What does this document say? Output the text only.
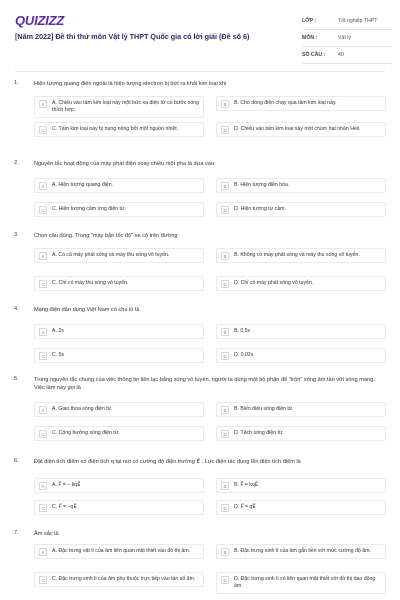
QUIZIZZ
[Năm 2022] Đề thi thử môn Vật lý THPT Quốc gia có lời giải (Đề số 6)
LỚP :	Tốt nghiệp THPT
MÔN :	Vật lý
SỐ CÂU :	40
1.	Hiện tượng quang điện ngoài là hiện tượng electron bị bứt ra khỏi kim loại khi
A	A. Chiếu vào tấm kim loại này một bức xạ điện từ có bước sóng thích hợp.
B	B. Cho dòng điện chạy qua tấm kim loại này.
C	C. Tấm kim loại này bị nung nóng bởi một nguồn nhiệt.	D	D. Chiếu vào tấm kim loại này một chùm hạt nhân Heli.
2.	Nguyên tắc hoạt động của máy phát điện xoay chiều một pha là dựa vào
A	A. Hiện tượng quang điện.	B	B. Hiện tượng điện hóa.
C	C. Hiện tượng cảm ứng điện từ.	D	D. Hiện tượng tự cảm.
3.	Chọn câu đúng. Trong "máy bắn tốc độ" xe cộ trên đường
A	A. Có cả máy phát sóng và máy thu sóng vô tuyến.	B	B. Không có máy phát sóng và máy thu sóng vô tuyến.
C	C. Chỉ có máy thu sóng vô tuyến.	D	D. Chỉ có máy phát sóng vô tuyến.
4.	Mạng điện dân dụng Việt Nam có chu kì là
A	A. 2s	B	B. 0,5s
C	C. 5s	D	D. 0,02s
5.	Trong nguyên tắc chung của việc thông tin liên lạc bằng sóng vô tuyến, người ta dùng một bộ phận để "trộn" sóng âm tần với sóng mang. Việc làm này gọi là
A	A. Giao thoa sóng điện từ.	B	B. Biến điệu sóng điện từ.
C	C. Cộng hưởng sóng điện từ.	D	D. Tách sóng điện từ.
6.	Đặt điện tích điểm có điện tích q tại nơi có cường độ điện trường E⃗ . Lực điện tác dụng lên điện tích điểm là
A	A. F⃗ = − kqE⃗	B	B. F⃗ = kqE⃗
C	C. F⃗ = −qE⃗	D	D. F⃗ = qE⃗
7.	Âm sắc là
A	A. Đặc trưng vật lí của âm liên quan mật thiết vào đồ thị âm.	B	B. Đặc trưng sinh lí của âm gắn liền với mức cường độ âm.
C	C. Đặc trưng sinh lí của âm phụ thuộc trực tiếp vào tần số âm.	D	D. Đặc trưng sinh lí có liên quan mật thiết với đồ thị dao động âm.
